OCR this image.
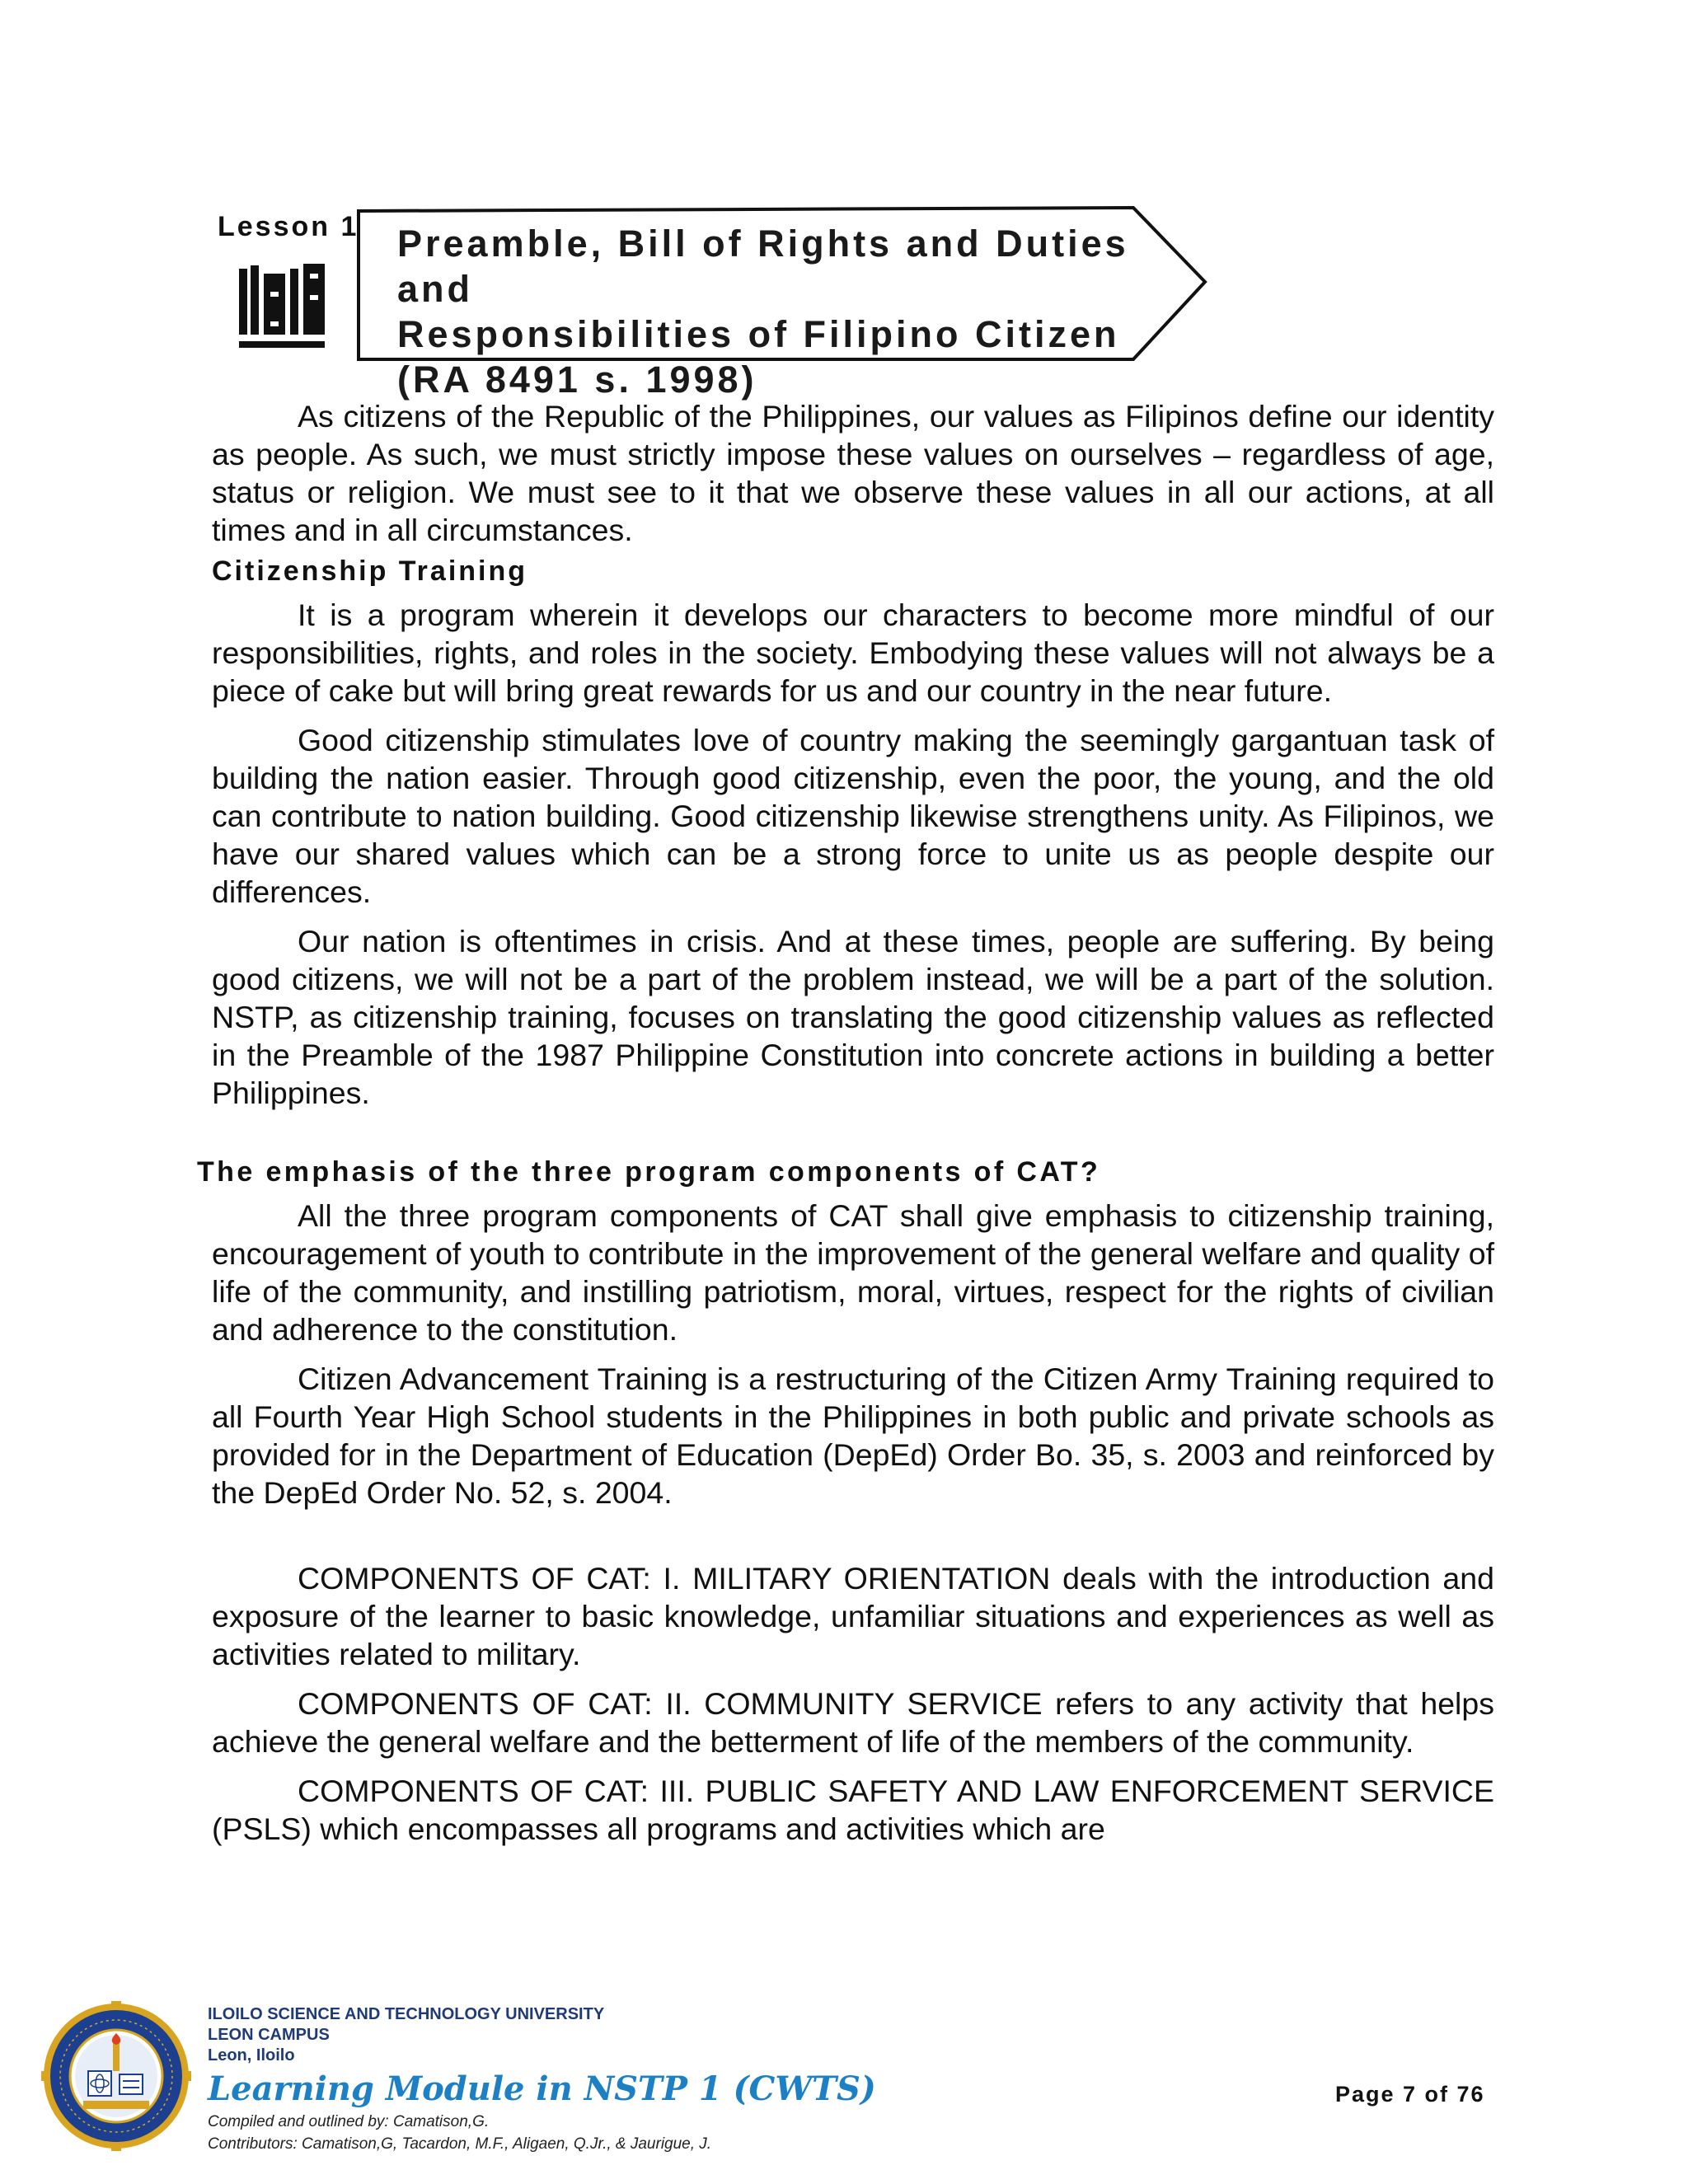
Lesson 1 Preamble, Bill of Rights and Duties and
Responsibilities of Filipino Citizen
(RA 8491 s. 1998)

As citizens of the Republic of the Philippines, our values as Filipinos define our identity as people. As such, we must strictly impose these values on ourselves – regardless of age, status or religion. We must see to it that we observe these values in all our actions, at all times and in all circumstances.

Citizenship Training

It is a program wherein it develops our characters to become more mindful of our responsibilities, rights, and roles in the society. Embodying these values will not always be a piece of cake but will bring great rewards for us and our country in the near future.

Good citizenship stimulates love of country making the seemingly gargantuan task of building the nation easier. Through good citizenship, even the poor, the young, and the old can contribute to nation building. Good citizenship likewise strengthens unity. As Filipinos, we have our shared values which can be a strong force to unite us as people despite our differences.

Our nation is oftentimes in crisis. And at these times, people are suffering. By being good citizens, we will not be a part of the problem instead, we will be a part of the solution. NSTP, as citizenship training, focuses on translating the good citizenship values as reflected in the Preamble of the 1987 Philippine Constitution into concrete actions in building a better Philippines.

The emphasis of the three program components of CAT?

All the three program components of CAT shall give emphasis to citizenship training, encouragement of youth to contribute in the improvement of the general welfare and quality of life of the community, and instilling patriotism, moral, virtues, respect for the rights of civilian and adherence to the constitution.

Citizen Advancement Training is a restructuring of the Citizen Army Training required to all Fourth Year High School students in the Philippines in both public and private schools as provided for in the Department of Education (DepEd) Order Bo. 35, s. 2003 and reinforced by the DepEd Order No. 52, s. 2004.

COMPONENTS OF CAT: I. MILITARY ORIENTATION deals with the introduction and exposure of the learner to basic knowledge, unfamiliar situations and experiences as well as activities related to military.

COMPONENTS OF CAT: II. COMMUNITY SERVICE refers to any activity that helps achieve the general welfare and the betterment of life of the members of the community.

COMPONENTS OF CAT: III. PUBLIC SAFETY AND LAW ENFORCEMENT SERVICE (PSLS) which encompasses all programs and activities which are

ILOILO SCIENCE AND TECHNOLOGY UNIVERSITY
LEON CAMPUS
Leon, Iloilo
Learning Module in NSTP 1 (CWTS)
Compiled and outlined by: Camatison,G.
Contributors: Camatison,G, Tacardon, M.F., Aligaen, Q.Jr., & Jaurigue, J.
Page 7 of 76
